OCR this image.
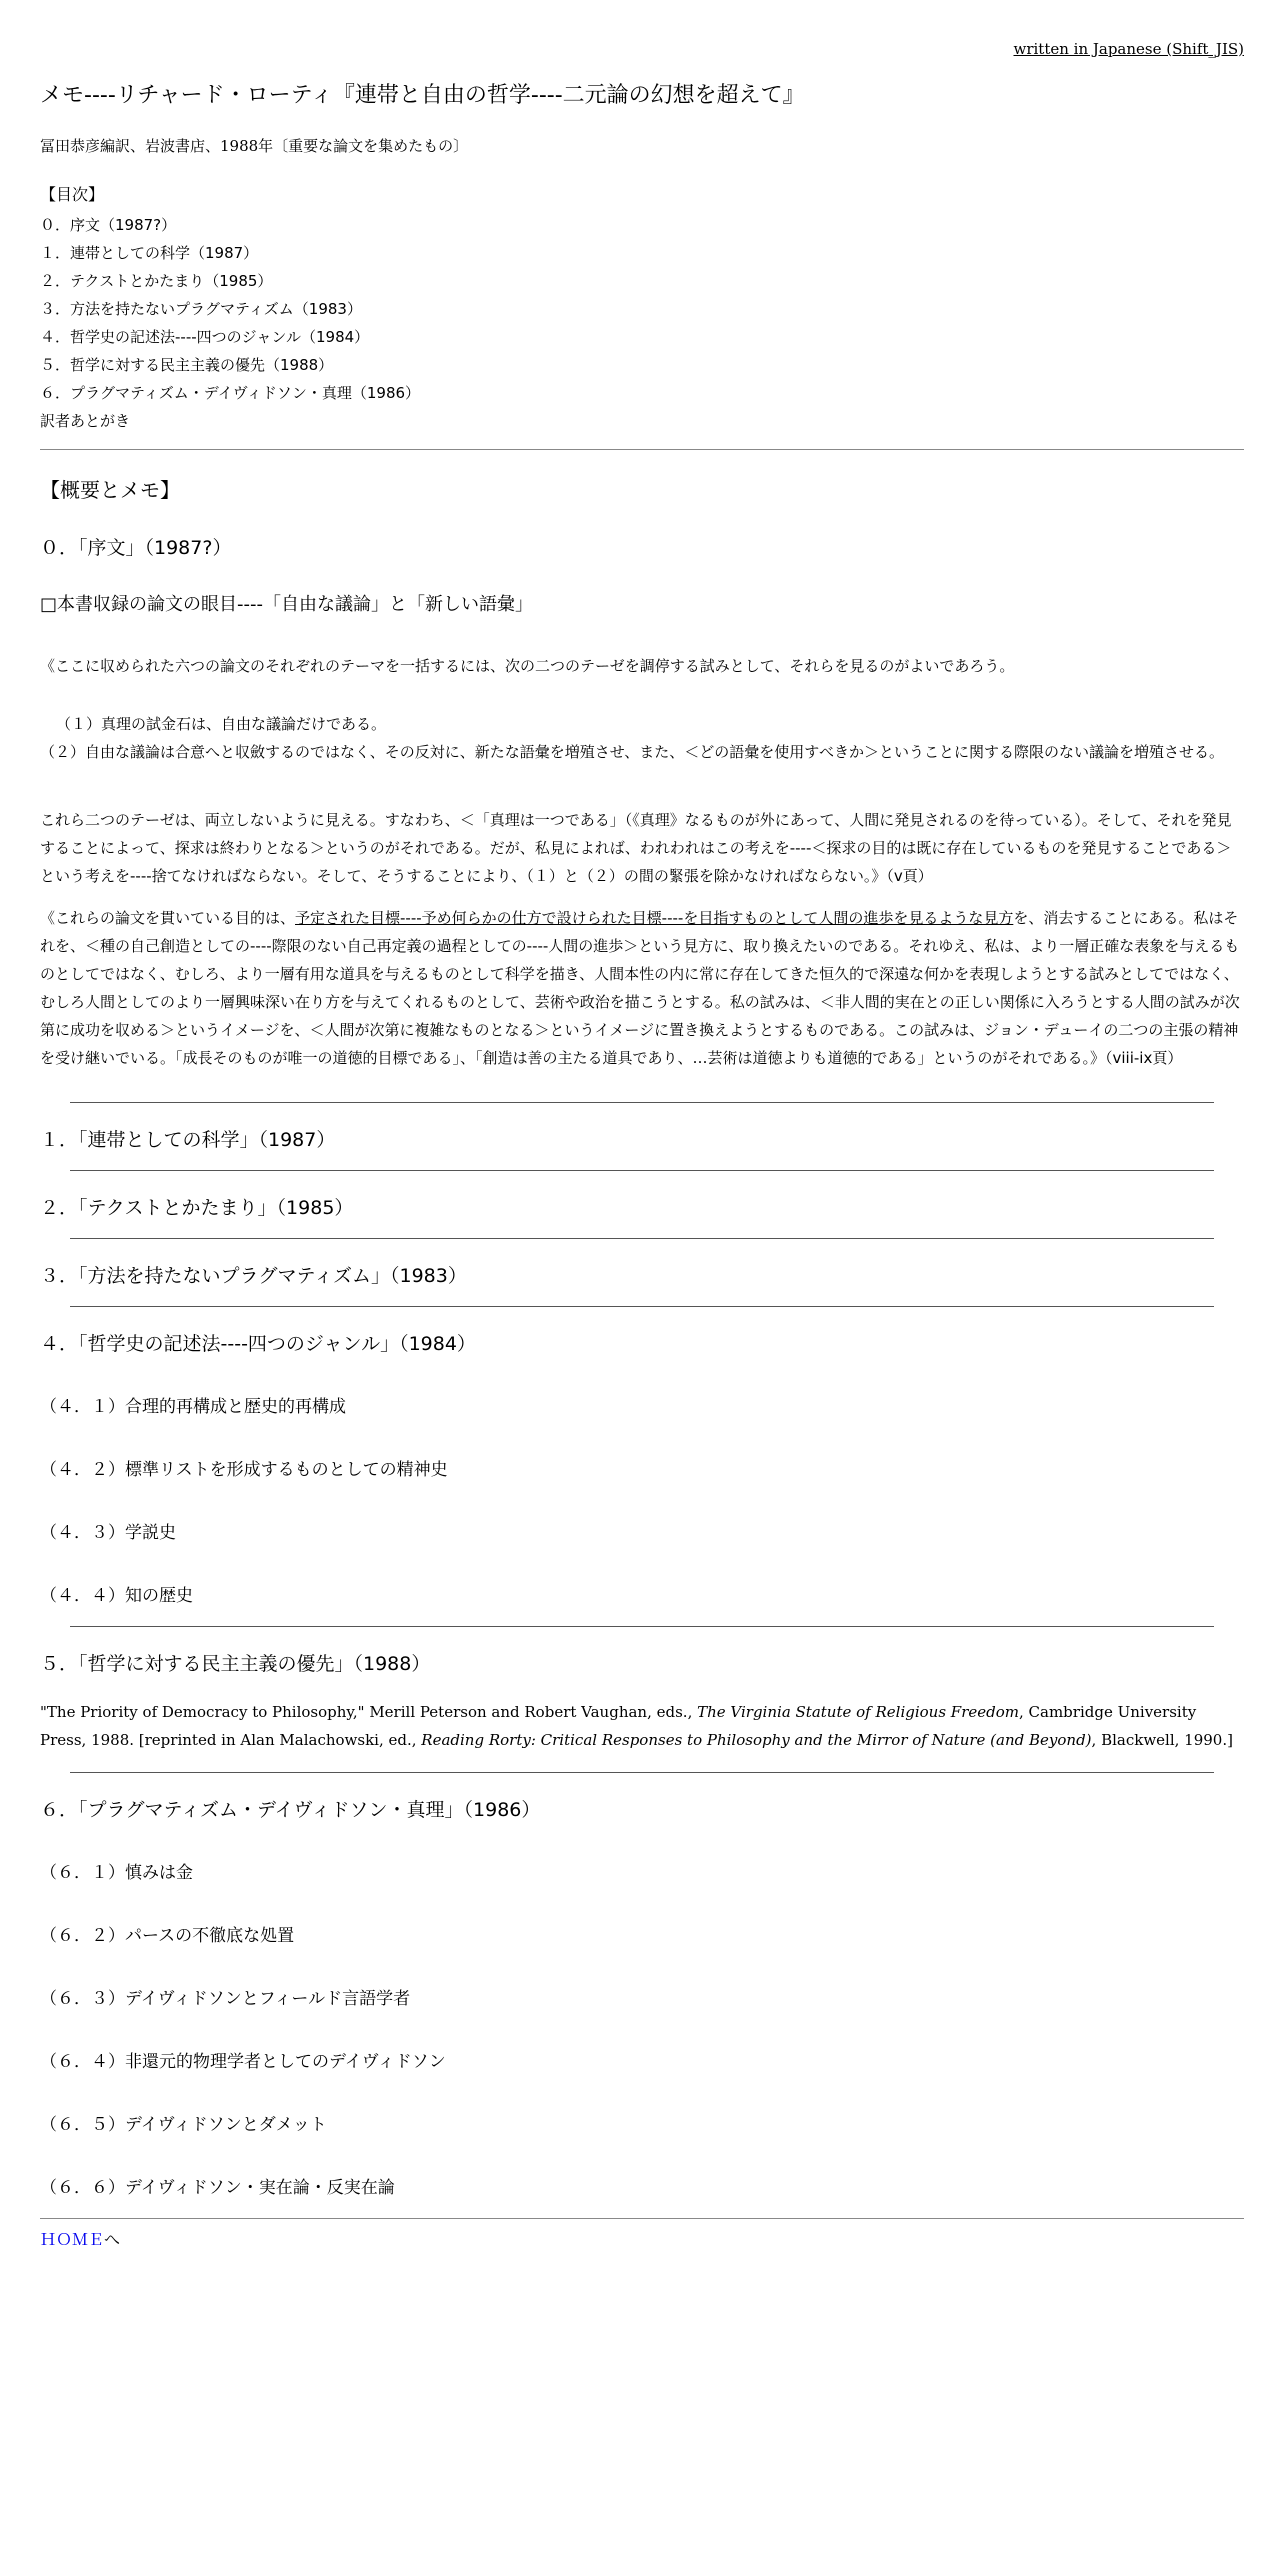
written in Japanese (Shift_JIS)
メモ----リチャード・ローティ『連帯と自由の哲学----二元論の幻想を超えて』

冨田恭彦編訳、岩波書店、1988年〔重要な論文を集めたもの〕

【目次】
０．序文（1987?）
１．連帯としての科学（1987）
２．テクストとかたまり（1985）
３．方法を持たないプラグマティズム（1983）
４．哲学史の記述法----四つのジャンル（1984）
５．哲学に対する民主主義の優先（1988）
６．プラグマティズム・デイヴィドソン・真理（1986）
訳者あとがき
【概要とメモ】
０．「序文」（1987?）
□本書収録の論文の眼目----「自由な議論」と「新しい語彙」

《ここに収められた六つの論文のそれぞれのテーマを一括するには、次の二つのテーゼを調停する試みとして、それらを見るのがよいであろう。

（１）真理の試金石は、自由な議論だけである。
（２）自由な議論は合意へと収斂するのではなく、その反対に、新たな語彙を増殖させ、また、＜どの語彙を使用すべきか＞ということに関する際限のない議論を増殖させる。

これら二つのテーゼは、両立しないように見える。すなわち、＜「真理は一つである」（《真理》なるものが外にあって、人間に発見されるのを待っている）。そして、それを発見することによって、探求は終わりとなる＞というのがそれである。だが、私見によれば、われわれはこの考えを----＜探求の目的は既に存在しているものを発見することである＞という考えを----捨てなければならない。そして、そうすることにより、（１）と（２）の間の緊張を除かなければならない。》（v頁）

《これらの論文を貫いている目的は、予定された目標----予め何らかの仕方で設けられた目標----を目指すものとして人間の進歩を見るような見方を、消去することにある。私はそれを、＜種の自己創造としての----際限のない自己再定義の過程としての----人間の進歩＞という見方に、取り換えたいのである。それゆえ、私は、より一層正確な表象を与えるものとしてではなく、むしろ、より一層有用な道具を与えるものとして科学を描き、人間本性の内に常に存在してきた恒久的で深遠な何かを表現しようとする試みとしてではなく、むしろ人間としてのより一層興味深い在り方を与えてくれるものとして、芸術や政治を描こうとする。私の試みは、＜非人間的実在との正しい関係に入ろうとする人間の試みが次第に成功を収める＞というイメージを、＜人間が次第に複雑なものとなる＞というイメージに置き換えようとするものである。この試みは、ジョン・デューイの二つの主張の精神を受け継いでいる。「成長そのものが唯一の道徳的目標である」、「創造は善の主たる道具であり、…芸術は道徳よりも道徳的である」というのがそれである。》（viii-ix頁）

１．「連帯としての科学」（1987）
２．「テクストとかたまり」（1985）
３．「方法を持たないプラグマティズム」（1983）
４．「哲学史の記述法----四つのジャンル」（1984）
（４．１）合理的再構成と歴史的再構成
（４．２）標準リストを形成するものとしての精神史
（４．３）学説史
（４．４）知の歴史
５．「哲学に対する民主主義の優先」（1988）

"The Priority of Democracy to Philosophy," Merill Peterson and Robert Vaughan, eds., The Virginia Statute of Religious Freedom, Cambridge University Press, 1988. [reprinted in Alan Malachowski, ed., Reading Rorty: Critical Responses to Philosophy and the Mirror of Nature (and Beyond), Blackwell, 1990.]

６．「プラグマティズム・デイヴィドソン・真理」（1986）
（６．１）慎みは金
（６．２）パースの不徹底な処置
（６．３）デイヴィドソンとフィールド言語学者
（６．４）非還元的物理学者としてのデイヴィドソン
（６．５）デイヴィドソンとダメット
（６．６）デイヴィドソン・実在論・反実在論
ＨＯＭＥへ
